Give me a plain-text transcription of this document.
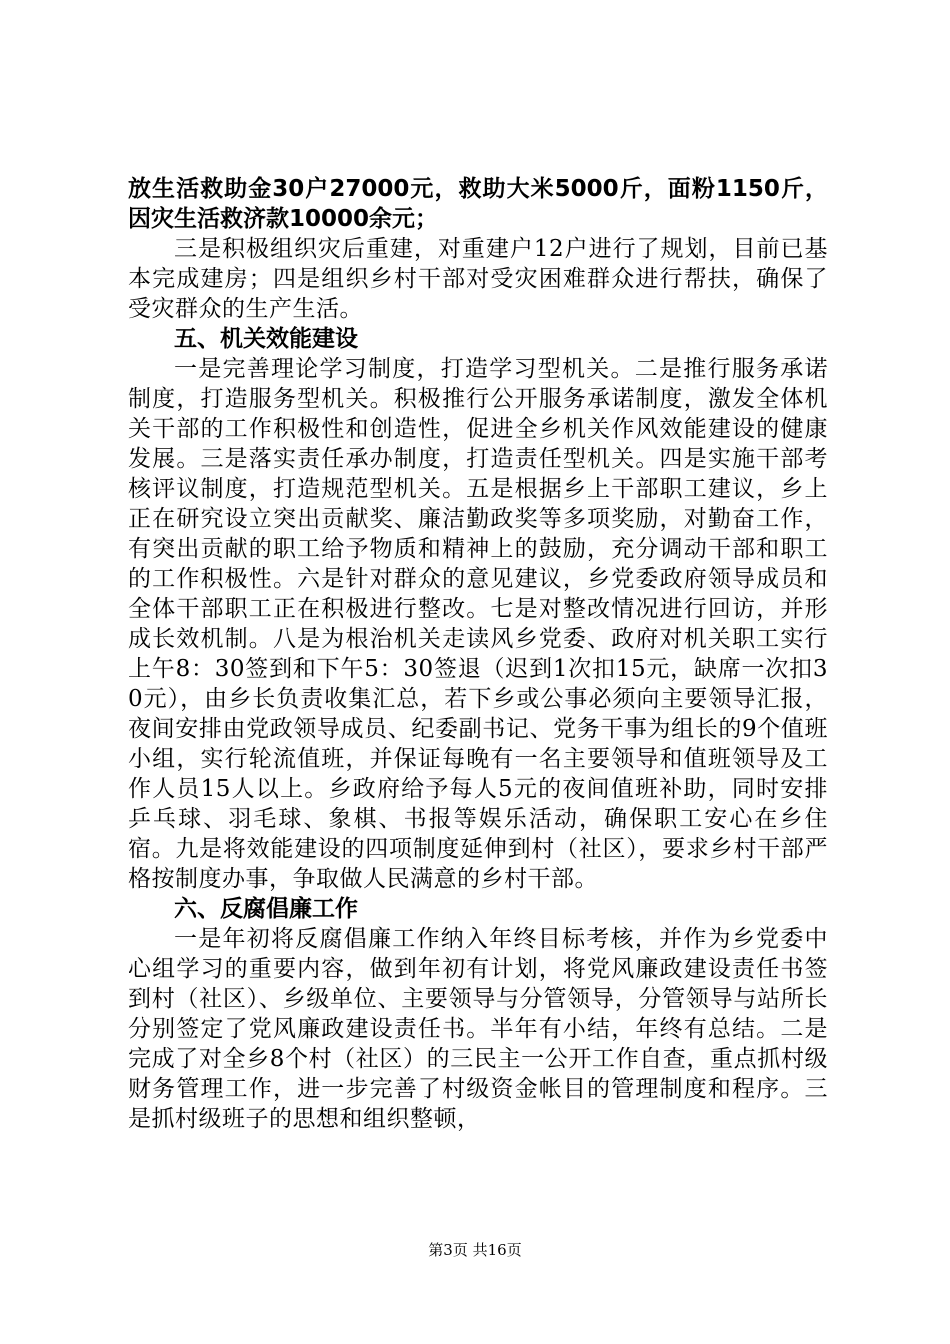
放生活救助金30户27000元，救助大米5000斤，面粉1150斤，因灾生活救济款10000余元；

三是积极组织灾后重建，对重建户12户进行了规划，目前已基本完成建房；四是组织乡村干部对受灾困难群众进行帮扶，确保了受灾群众的生产生活。

五、机关效能建设

一是完善理论学习制度，打造学习型机关。二是推行服务承诺制度，打造服务型机关。积极推行公开服务承诺制度，激发全体机关干部的工作积极性和创造性，促进全乡机关作风效能建设的健康发展。三是落实责任承办制度，打造责任型机关。四是实施干部考核评议制度，打造规范型机关。五是根据乡上干部职工建议，乡上正在研究设立突出贡献奖、廉洁勤政奖等多项奖励，对勤奋工作，有突出贡献的职工给予物质和精神上的鼓励，充分调动干部和职工的工作积极性。六是针对群众的意见建议，乡党委政府领导成员和全体干部职工正在积极进行整改。七是对整改情况进行回访，并形成长效机制。八是为根治机关走读风乡党委、政府对机关职工实行上午8：30签到和下午5：30签退（迟到1次扣15元，缺席一次扣30元），由乡长负责收集汇总，若下乡或公事必须向主要领导汇报，夜间安排由党政领导成员、纪委副书记、党务干事为组长的9个值班小组，实行轮流值班，并保证每晚有一名主要领导和值班领导及工作人员15人以上。乡政府给予每人5元的夜间值班补助，同时安排乒乓球、羽毛球、象棋、书报等娱乐活动，确保职工安心在乡住宿。九是将效能建设的四项制度延伸到村（社区），要求乡村干部严格按制度办事，争取做人民满意的乡村干部。

六、反腐倡廉工作

一是年初将反腐倡廉工作纳入年终目标考核，并作为乡党委中心组学习的重要内容，做到年初有计划，将党风廉政建设责任书签到村（社区）、乡级单位、主要领导与分管领导，分管领导与站所长分别签定了党风廉政建设责任书。半年有小结，年终有总结。二是完成了对全乡8个村（社区）的三民主一公开工作自查，重点抓村级财务管理工作，进一步完善了村级资金帐目的管理制度和程序。三是抓村级班子的思想和组织整顿，

第3页 共16页
